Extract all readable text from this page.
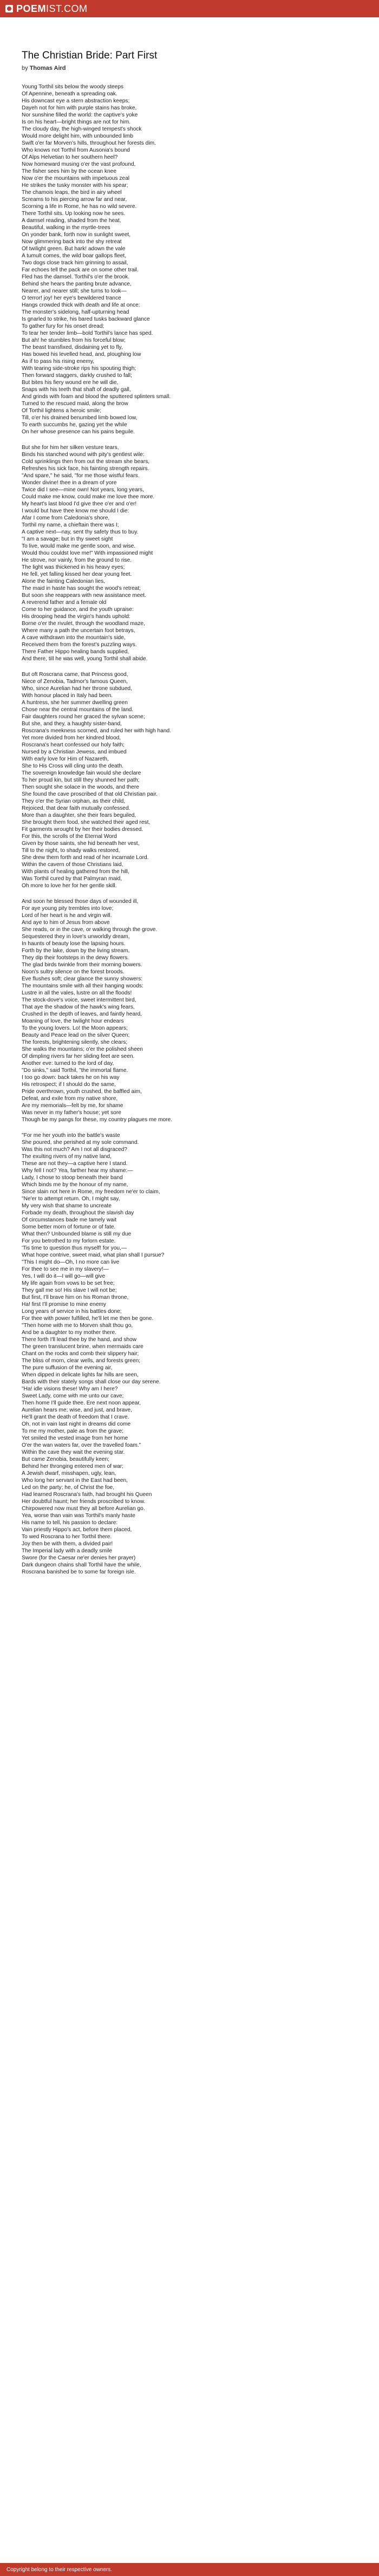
POEM IST.COM
The Christian Bride: Part First
by Thomas Aird
Young Torthil sits below the woody steeps
Of Apennine, beneath a spreading oak.
His downcast eye a stern abstraction keeps;
Dayeh not for him with purple stains has broke,
Nor sunshine filled the world: the captive's yoke
Is on his heart—bright things are not for him.
The cloudy day, the high-winged tempest's shock
Would more delight him, with unbounded limb
Swift o'er far Morven's hills, throughout her forests dim.
Who knows not Torthil from Ausonia's bound
Of Alps Helvetian to her southern heel?
Now homeward musing o'er the vast profound,
The fisher sees him by the ocean knee
Now o'er the mountains with impetuous zeal
He strikes the tusky monster with his spear;
The chamois leaps, the bird in airy wheel
Screams to his piercing arrow far and near,
Scorning a life in Rome, he has no wild severe.
There Torthil sits. Up looking now he sees.
A damsel reading, shaded from the heat,
Beautiful, walking in the myrtle-trees
On yonder bank, forth now in sunlight sweet,
Now glimmering back into the shy retreat
Of twilight green. But hark! adown the vale
A tumult comes, the wild boar gallops fleet,
Two dogs close track him grinning to assail,
Far echoes tell the pack are on some other trail.
Fled has the damsel. Torthil's o'er the brook.
Behind she hears the panting brute advance,
Nearer, and nearer still; she turns to look—
O terror! joy! her eye's bewildered trance
Hangs crowded thick with death and life at once:
The monster's sidelong, half-upturning head
Is gnarled to strike, his bared tusks backward glance
To gather fury for his onset dread;
To tear her tender limb—bold Torthil's lance has sped.
But ah! he stumbles from his forceful blow;
The beast transfixed, disdaining yet to fly,
Has bowed his levelled head, and, ploughing low
As if to pass his rising enemy,
With tearing side-stroke rips his spouting thigh;
Then forward staggers, darkly crushed to fall;
But bites his fiery wound ere he will die,
Snaps with his teeth that shaft of deadly gall,
And grinds with foam and blood the sputtered splinters small.
Turned to the rescued maid, along the brow
Of Torthil lightens a heroic smile;
Till, o'er his drained benumbed limb bowed low,
To earth succumbs he, gazing yet the while
On her whose presence can his pains beguile.
But she for him her silken vesture tears,
Binds his stanched wound with pity's gentlest wile:
Cold sprinklings then from out the stream she bears,
Refreshes his sick face, his fainting strength repairs.
"And spare," he said, "for me those wistful fears.
Wonder divine! thee in a dream of yore
Twice did I see—mine own! Not years, long years,
Could make me know, could make me love thee more.
My heart's last blood I'd give thee o'er and o'er!
I would but have thee know me should I die:
Afar I come from Caledonia's shore,
Torthil my name, a chieftain there was I;
A captive next—nay, sent thy safety thus to buy.
"I am a savage; but in thy sweet sight
To live, would make me gentle soon, and wise.
Would thou couldst love me!" With impassioned might
He strove, nor vainly, from the ground to rise.
The light was thickened in his heavy eyes;
He fell, yet falling kissed her dear young feet.
Alone the fainting Caledonian lies,
The maid in haste has sought the wood's retreat;
But soon she reappears with new assistance meet.
A reverend father and a female old
Come to her guidance, and the youth upraise:
His drooping head the virgin's hands uphold:
Borne o'er the rivulet, through the woodland maze,
Where many a path the uncertain foot betrays,
A cave withdrawn into the mountain's side,
Received them from the forest's puzzling ways.
There Father Hippo healing bands supplied,
And there, till he was well, young Torthil shall abide.
But oft Roscrana came, that Princess good,
Niece of Zenobia, Tadmor's famous Queen,
Who, since Aurelian had her throne subdued,
With honour placed in Italy had been.
A huntress, she her summer dwelling green
Chose near the central mountains of the land.
Fair daughters round her graced the sylvan scene;
But she, and they, a haughty sister-band,
Roscrana's meekness scorned, and ruled her with high hand.
Yet more divided from her kindred blood,
Roscrana's heart confessed our holy faith;
Nursed by a Christian Jewess, and imbued
With early love for Him of Nazareth,
She to His Cross will cling unto the death.
The sovereign knowledge fain would she declare
To her proud kin, but still they shunned her path;
Then sought she solace in the woods, and there
She found the cave proscribed of that old Christian pair.
They o'er the Syrian orphan, as their child,
Rejoiced, that dear faith mutually confessed.
More than a daughter, she their fears beguiled,
She brought them food, she watched their aged rest,
Fit garments wrought by her their bodies dressed.
For this, the scrolls of the Eternal Word
Given by those saints, she hid beneath her vest,
Till to the night, to shady walks restored,
She drew them forth and read of her incarnate Lord.
Within the cavern of those Christians laid,
With plants of healing gathered from the hill,
Was Torthil cured by that Palmyran maid,
Oh more to love her for her gentle skill.
And soon he blessed those days of wounded ill,
For aye young pity trembles into love;
Lord of her heart is he and virgin will.
And aye to him of Jesus from above
She reads, or in the cave, or walking through the grove.
Sequestered they in love's unworldly dream,
In haunts of beauty lose the lapsing hours.
Forth by the lake, down by the living stream,
They dip their footsteps in the dewy flowers.
The glad birds twinkle from their morning bowers.
Noon's sultry silence on the forest broods.
Eve flushes soft; clear glance the sunny showers:
The mountains smile with all their hanging woods:
Lustre in all the vales, lustre on all the floods!
The stock-dove's voice, sweet intermittent bird,
That aye the shadow of the hawk's wing fears,
Crushed in the depth of leaves, and faintly heard,
Moaning of love, the twilight hour endears
To the young lovers. Lo! the Moon appears;
Beauty and Peace lead on the silver Queen;
The forests, brightening silently, she clears;
She walks the mountains; o'er the polished sheen
Of dimpling rivers far her sliding feet are seen.
Another eve: turned to the lord of day,
"Do sinks," said Torthil, "the immortal flame.
I too go down: back takes he on his way
His retrospect; if I should do the same,
Pride overthrown, youth crushed, the baffled aim,
Defeat, and exile from my native shore,
Are my memorials—felt by me, for shame
Was never in my father's house; yet sore
Though be my pangs for these, my country plagues me more.
"For me her youth into the battle's waste
She poured, she perished at my sole command.
Was this not much? Am I not all disgraced?
The exulting rivers of my native land,
These are not they—a captive here I stand.
Why fell I not? Yea, farther hear my shame:—
Lady, I chose to stoop beneath their band
Which binds me by the honour of my name,
Since slain not here in Rome, my freedom ne'er to claim,
"Ne'er to attempt return. Oh, I might say,
My very wish that shame to uncreate
Forbade my death, throughout the slavish day
Of circumstances bade me tamely wait
Some better morn of fortune or of fate.
What then? Unbounded blame is still my due
For you betrothed to my forlorn estate.
'Tis time to question thus myself! for you,—
What hope contrive, sweet maid, what plan shall I pursue?
"This I might do—Oh, I no more can live
For thee to see me in my slavery!—
Yes, I will do it—I will go—will give
My life again from vows to be set free;
They gall me so! His slave I will not be;
But first, I'll brave him on his Roman throne,
Ha! first I'll promise to mine enemy
Long years of service in his battles done;
For thee with power fulfilled, he'll let me then be gone.
"Then home with me to Morven shalt thou go,
And be a daughter to my mother there.
There forth I'll lead thee by the hand, and show
The green translucent brine, when mermaids care
Chant on the rocks and comb their slippery hair;
The bliss of morn, clear wells, and forests green;
The pure suffusion of the evening air,
When dipped in delicate lights far hills are seen,
Bards with their stately songs shall close our day serene.
"Ha! idle visions these! Why am I here?
Sweet Lady, come with me unto our cave;
Then home I'll guide thee. Ere next noon appear,
Aurelian hears me; wise, and just, and brave,
He'll grant the death of freedom that I crave.
Oh, not in vain last night in dreams did come
To me my mother, pale as from the grave;
Yet smiled the vested image from her home
O'er the wan waters far, over the travelled foam."
Within the cave they wait the evening star.
But came Zenobia, beautifully keen;
Behind her thronging entered men of war;
A Jewish dwarf, misshapen, ugly, lean,
Who long her servant in the East had been,
Led on the party; he, of Christ the foe,
Had learned Roscrana's faith, had brought his Queen
Her doubtful haunt; her friends proscribed to know.
Chirpowered now must they all before Aurelian go.
Yea, worse than vain was Torthil's manly haste
His name to tell, his passion to declare:
Vain priestly Hippo's act, before them placed,
To wed Roscrana to her Torthil there.
Joy then be with them, a divided pair!
The Imperial lady with a deadly smile
Swore (for the Caesar ne'er denies her prayer)
Dark dungeon chains shall Torthil have the while,
Roscrana banished be to some far foreign isle.
Copyright belong to their respective owners.
